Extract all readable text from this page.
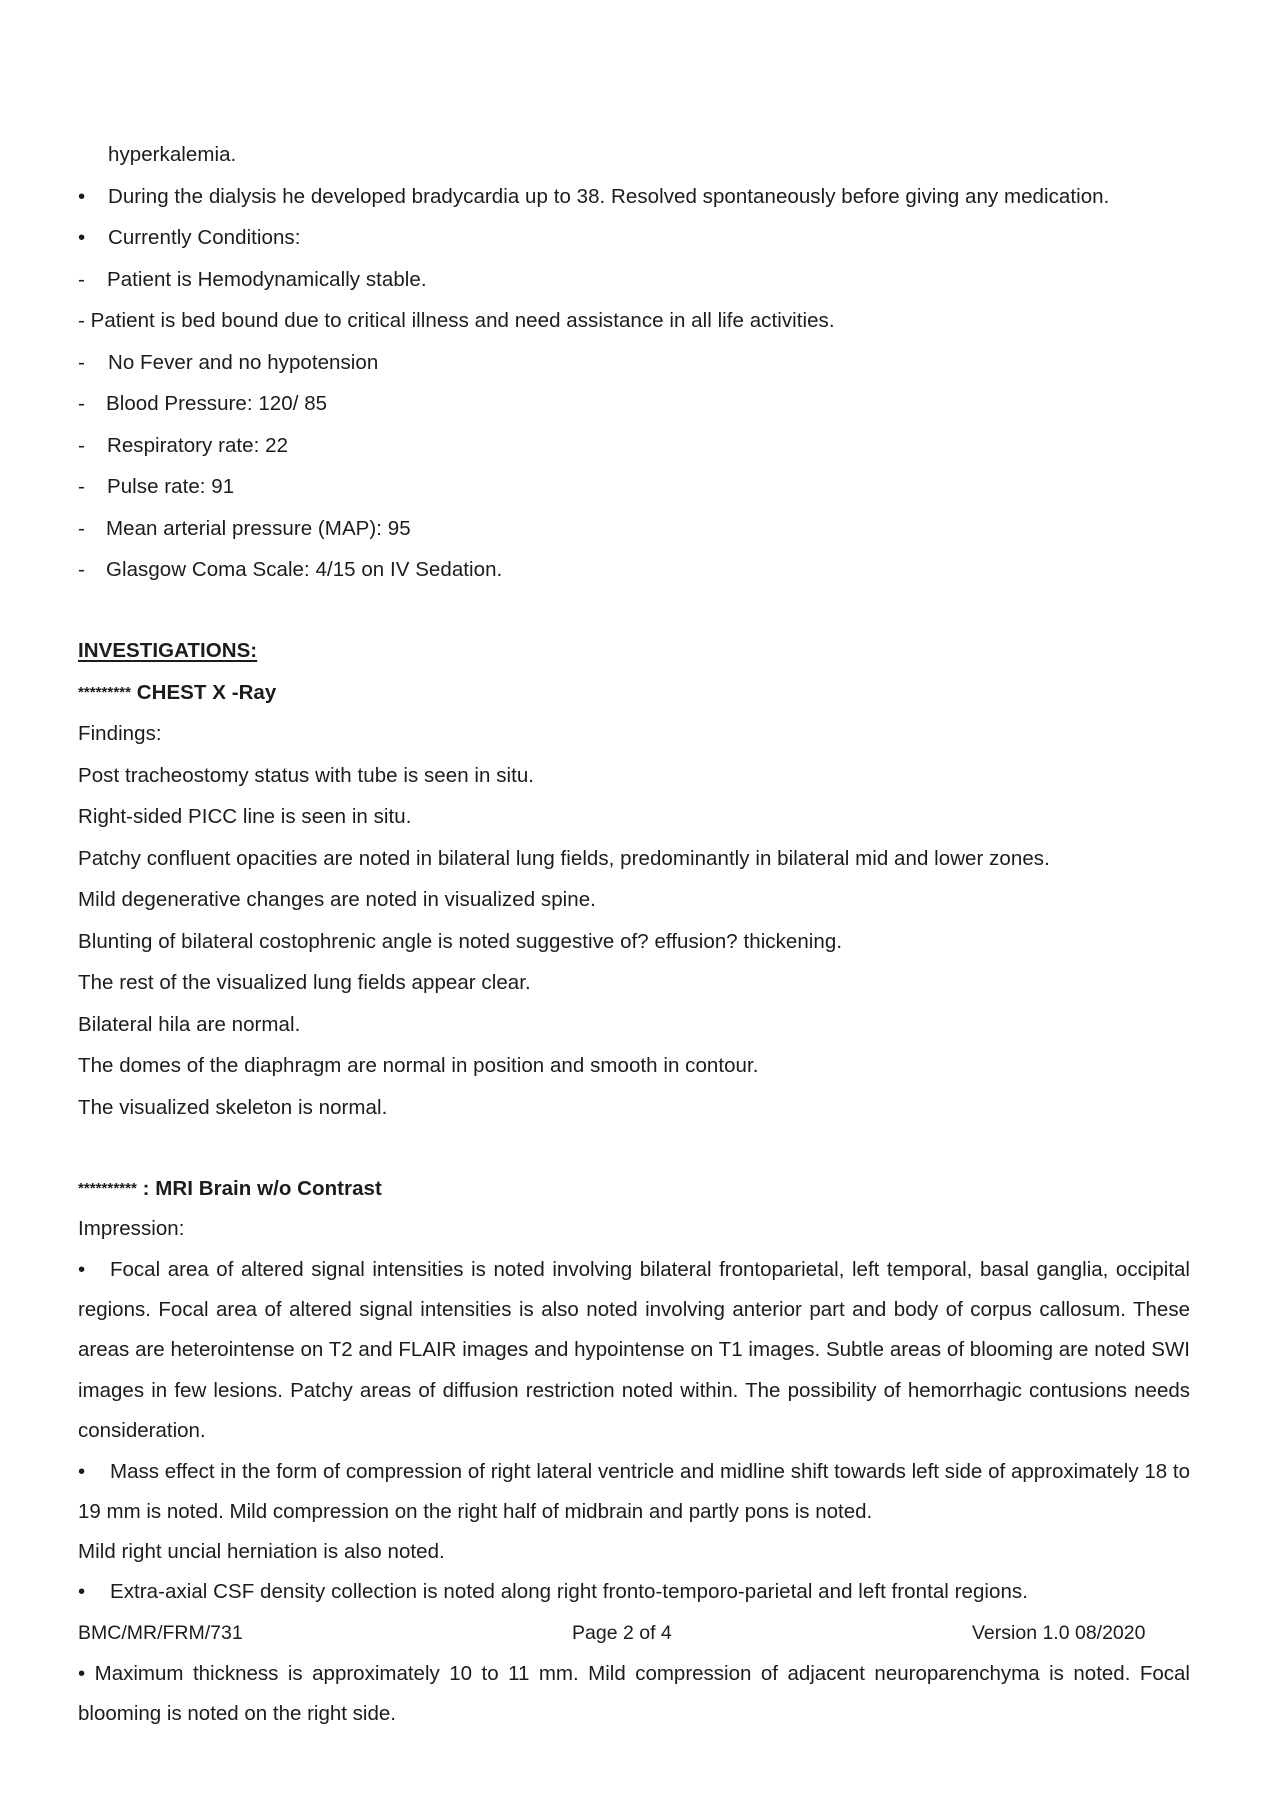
hyperkalemia.
•	During the dialysis he developed bradycardia up to 38. Resolved spontaneously before giving any medication.
•	Currently Conditions:
-	Patient is Hemodynamically stable.
- Patient is bed bound due to critical illness and need assistance in all life activities.
-	No Fever and no hypotension
-	Blood Pressure: 120/ 85
-	Respiratory rate: 22
-	Pulse rate: 91
-	Mean arterial pressure (MAP): 95
-	Glasgow Coma Scale: 4/15 on IV Sedation.
INVESTIGATIONS:
********* CHEST X -Ray
Findings:
Post tracheostomy status with tube is seen in situ.
Right-sided PICC line is seen in situ.
Patchy confluent opacities are noted in bilateral lung fields, predominantly in bilateral mid and lower zones.
Mild degenerative changes are noted in visualized spine.
Blunting of bilateral costophrenic angle is noted suggestive of? effusion? thickening.
The rest of the visualized lung fields appear clear.
Bilateral hila are normal.
The domes of the diaphragm are normal in position and smooth in contour.
The visualized skeleton is normal.
********** : MRI Brain w/o Contrast
Impression:

• Focal area of altered signal intensities is noted involving bilateral frontoparietal, left temporal, basal ganglia, occipital regions. Focal area of altered signal intensities is also noted involving anterior part and body of corpus callosum. These areas are heterointense on T2 and FLAIR images and hypointense on T1 images. Subtle areas of blooming are noted SWI images in few lesions. Patchy areas of diffusion restriction noted within. The possibility of hemorrhagic contusions needs consideration.

• Mass effect in the form of compression of right lateral ventricle and midline shift towards left side of approximately 18 to 19 mm is noted. Mild compression on the right half of midbrain and partly pons is noted.

Mild right uncial herniation is also noted.
•	Extra-axial CSF density collection is noted along right fronto-temporo-parietal and left frontal regions.
BMC/MR/FRM/731	Page 2 of 4	Version 1.0 08/2020

• Maximum thickness is approximately 10 to 11 mm. Mild compression of adjacent neuroparenchyma is noted. Focal blooming is noted on the right side.
